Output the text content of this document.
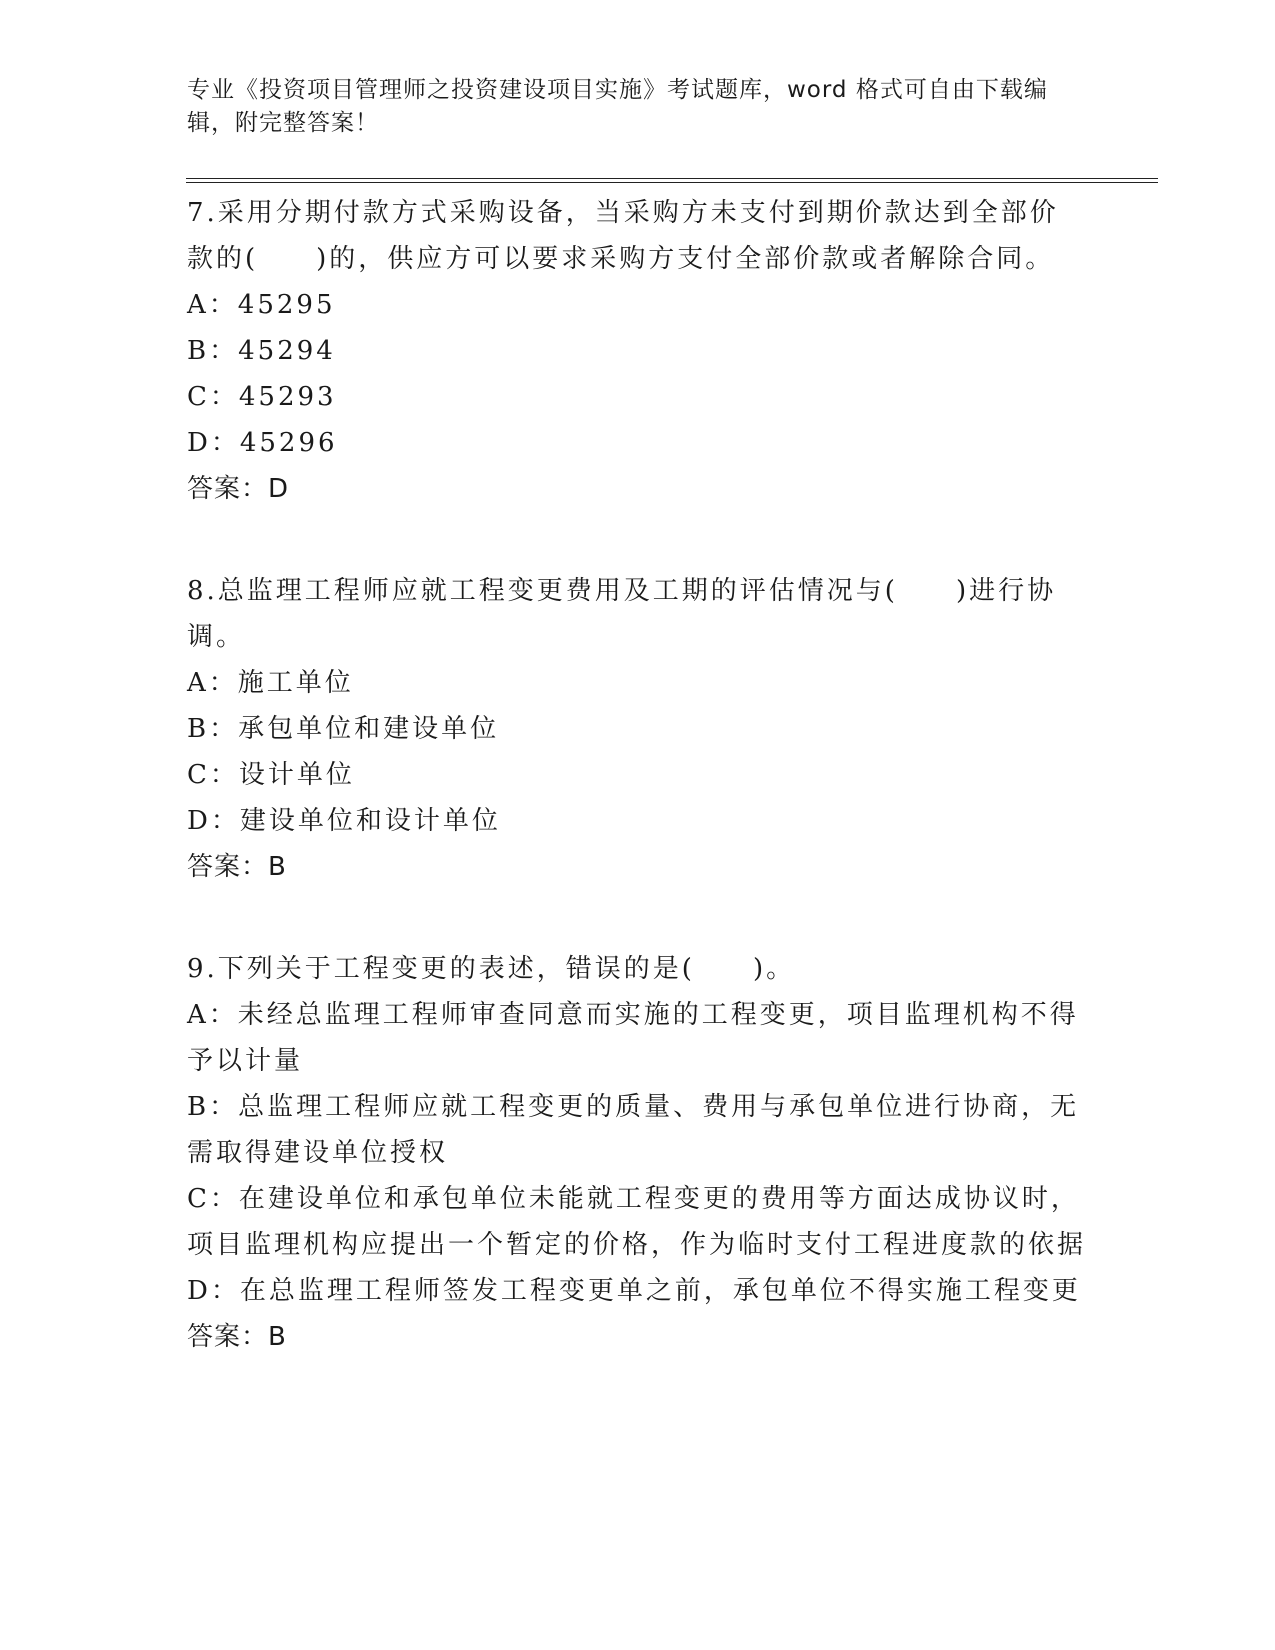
专业《投资项目管理师之投资建设项目实施》考试题库，word 格式可自由下载编辑，附完整答案！

7.采用分期付款方式采购设备，当采购方未支付到期价款达到全部价款的(　　)的，供应方可以要求采购方支付全部价款或者解除合同。

A：45295

B：45294

C：45293

D：45296

答案：D

8.总监理工程师应就工程变更费用及工期的评估情况与(　　)进行协调。

A：施工单位

B：承包单位和建设单位

C：设计单位

D：建设单位和设计单位

答案：B

9.下列关于工程变更的表述，错误的是(　　)。

A：未经总监理工程师审查同意而实施的工程变更，项目监理机构不得予以计量

B：总监理工程师应就工程变更的质量、费用与承包单位进行协商，无需取得建设单位授权

C：在建设单位和承包单位未能就工程变更的费用等方面达成协议时，项目监理机构应提出一个暂定的价格，作为临时支付工程进度款的依据

D：在总监理工程师签发工程变更单之前，承包单位不得实施工程变更

答案：B
